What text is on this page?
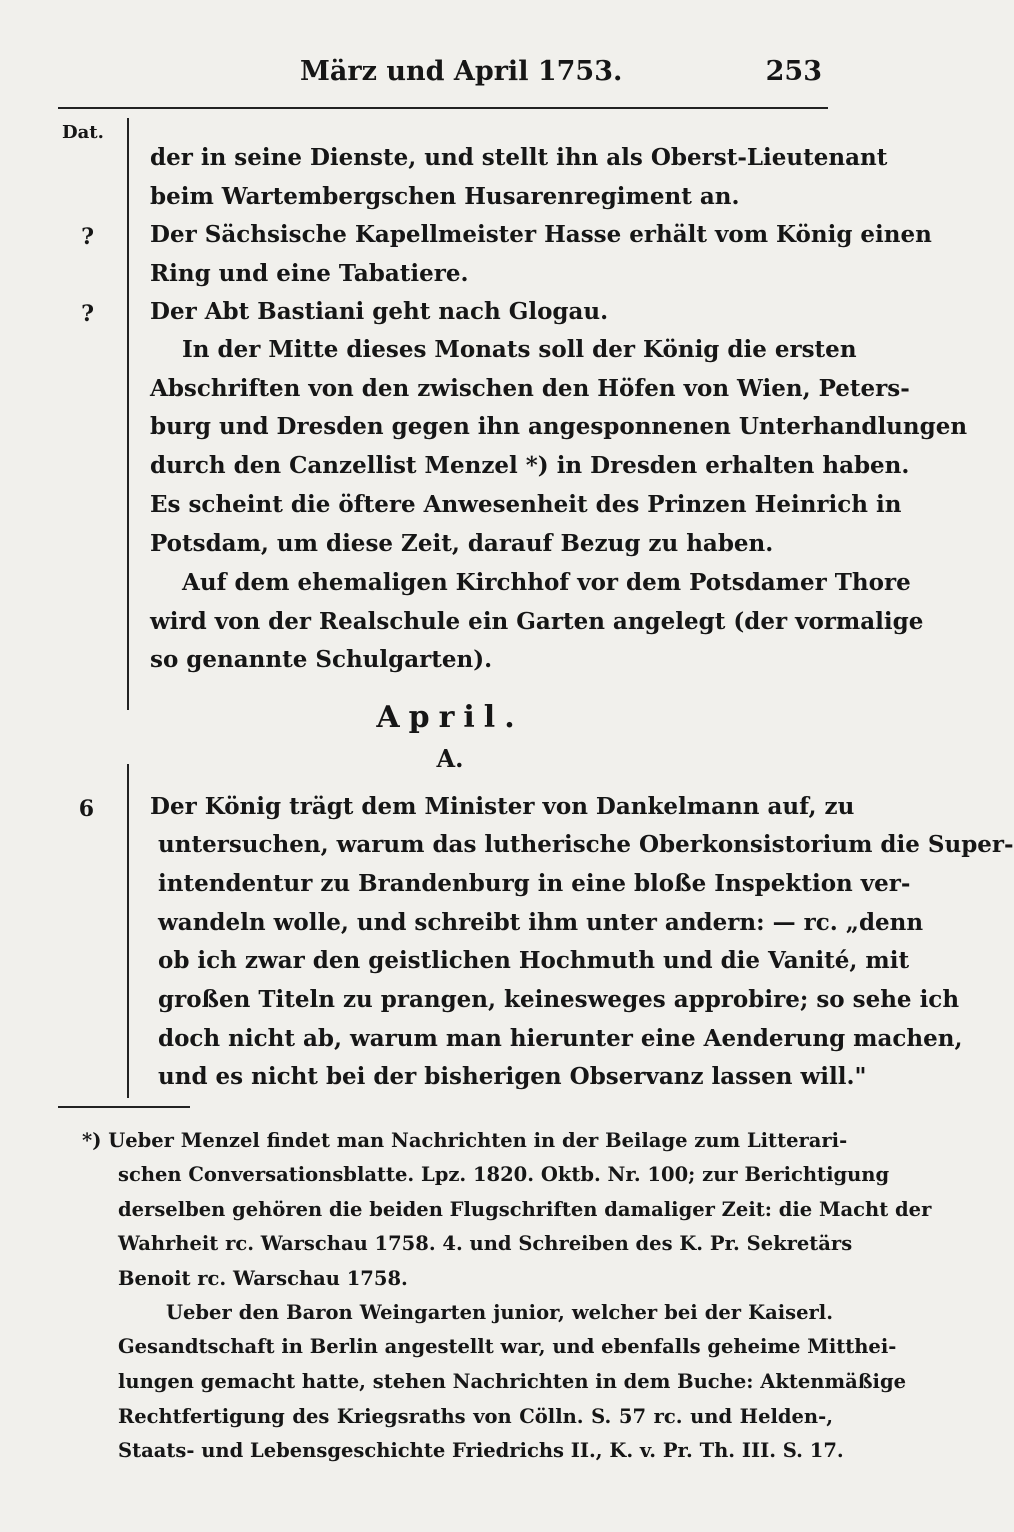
März und April 1753.	253
Dat.
?
?
6
der in seine Dienste, und stellt ihn als Oberst-Lieutenant
beim Wartembergschen Husarenregiment an.
Der Sächsische Kapellmeister Hasse erhält vom König einen
Ring und eine Tabatiere.
Der Abt Bastiani geht nach Glogau.
In der Mitte dieses Monats soll der König die ersten
Abschriften von den zwischen den Höfen von Wien, Peters-
burg und Dresden gegen ihn angesponnenen Unterhandlungen
durch den Canzellist Menzel *) in Dresden erhalten haben.
Es scheint die öftere Anwesenheit des Prinzen Heinrich in
Potsdam, um diese Zeit, darauf Bezug zu haben.
Auf dem ehemaligen Kirchhof vor dem Potsdamer Thore
wird von der Realschule ein Garten angelegt (der vormalige
so genannte Schulgarten).
April.
A.
Der König trägt dem Minister von Dankelmann auf, zu
untersuchen, warum das lutherische Oberkonsistorium die Super-
intendentur zu Brandenburg in eine bloße Inspektion ver-
wandeln wolle, und schreibt ihm unter andern: — rc. „denn
ob ich zwar den geistlichen Hochmuth und die Vanité, mit
großen Titeln zu prangen, keinesweges approbire; so sehe ich
doch nicht ab, warum man hierunter eine Aenderung machen,
und es nicht bei der bisherigen Observanz lassen will."
*) Ueber Menzel findet man Nachrichten in der Beilage zum Litterari-
schen Conversationsblatte. Lpz. 1820. Oktb. Nr. 100; zur Berichtigung
derselben gehören die beiden Flugschriften damaliger Zeit: die Macht der
Wahrheit rc. Warschau 1758. 4. und Schreiben des K. Pr. Sekretärs
Benoit rc. Warschau 1758.
Ueber den Baron Weingarten junior, welcher bei der Kaiserl.
Gesandtschaft in Berlin angestellt war, und ebenfalls geheime Mitthei-
lungen gemacht hatte, stehen Nachrichten in dem Buche: Aktenmäßige
Rechtfertigung des Kriegsraths von Cölln. S. 57 rc. und Helden-,
Staats- und Lebensgeschichte Friedrichs II., K. v. Pr. Th. III. S. 17.
